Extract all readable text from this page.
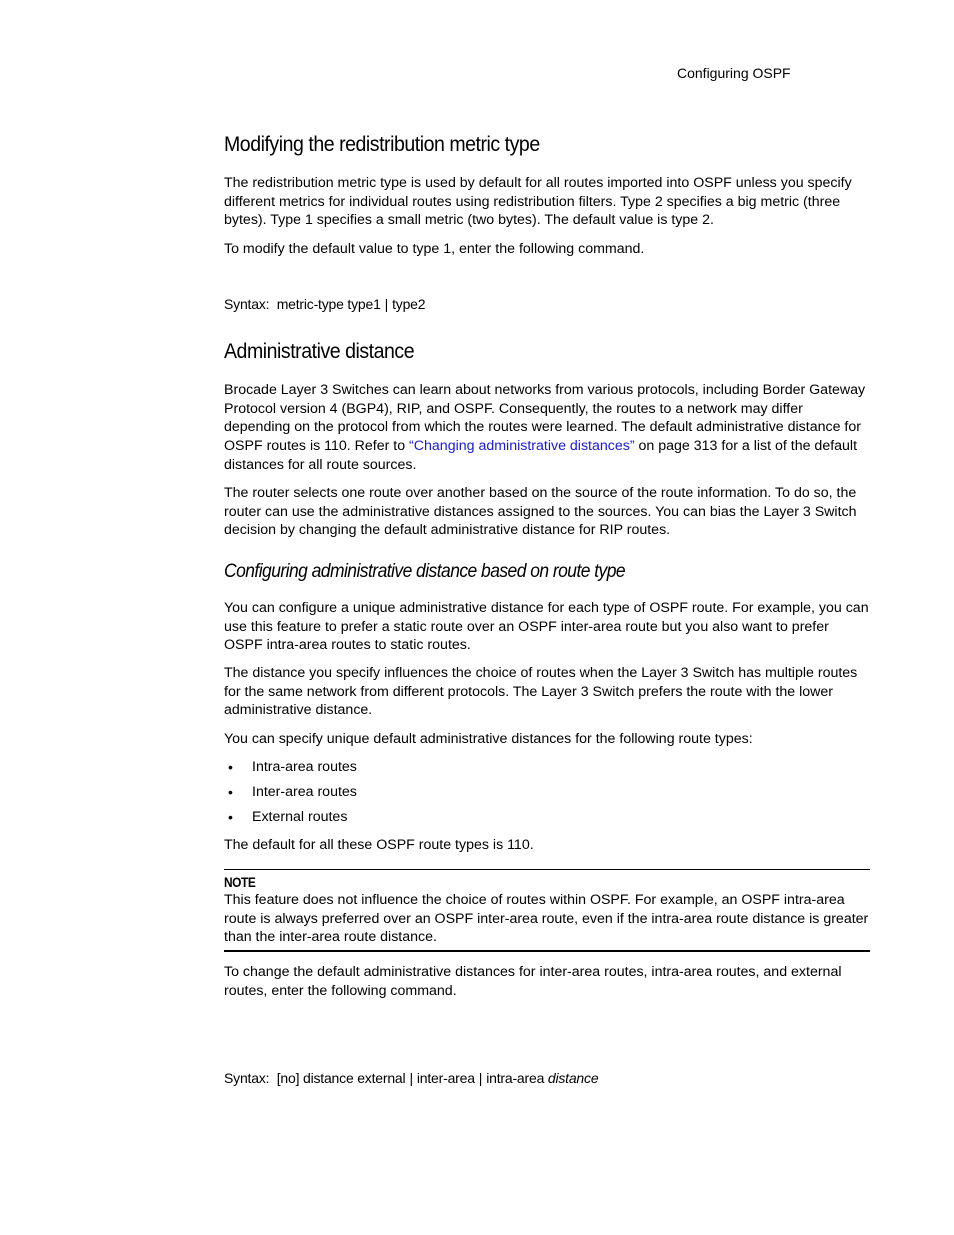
Configuring OSPF
Modifying the redistribution metric type

The redistribution metric type is used by default for all routes imported into OSPF unless you specify different metrics for individual routes using redistribution filters. Type 2 specifies a big metric (three bytes). Type 1 specifies a small metric (two bytes). The default value is type 2.

To modify the default value to type 1, enter the following command.

Syntax: metric-type type1 | type2
Administrative distance

Brocade Layer 3 Switches can learn about networks from various protocols, including Border Gateway Protocol version 4 (BGP4), RIP, and OSPF. Consequently, the routes to a network may differ depending on the protocol from which the routes were learned. The default administrative distance for OSPF routes is 110. Refer to “Changing administrative distances” on page 313 for a list of the default distances for all route sources.

The router selects one route over another based on the source of the route information. To do so, the router can use the administrative distances assigned to the sources. You can bias the Layer 3 Switch decision by changing the default administrative distance for RIP routes.

Configuring administrative distance based on route type

You can configure a unique administrative distance for each type of OSPF route. For example, you can use this feature to prefer a static route over an OSPF inter-area route but you also want to prefer OSPF intra-area routes to static routes.

The distance you specify influences the choice of routes when the Layer 3 Switch has multiple routes for the same network from different protocols. The Layer 3 Switch prefers the route with the lower administrative distance.

You can specify unique default administrative distances for the following route types:

• Intra-area routes
• Inter-area routes
• External routes

The default for all these OSPF route types is 110.

NOTE

This feature does not influence the choice of routes within OSPF. For example, an OSPF intra-area route is always preferred over an OSPF inter-area route, even if the intra-area route distance is greater than the inter-area route distance.

To change the default administrative distances for inter-area routes, intra-area routes, and external routes, enter the following command.

Syntax: [no] distance external | inter-area | intra-area distance
